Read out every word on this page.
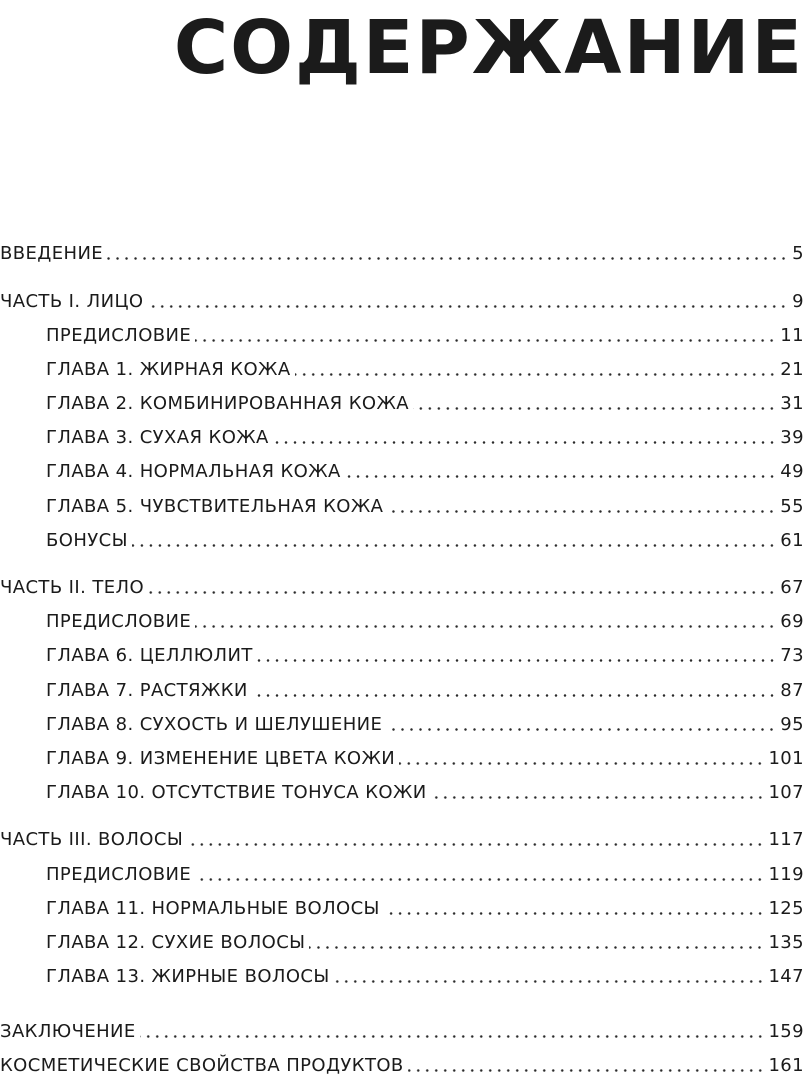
СОДЕРЖАНИЕ
ВВЕДЕНИЕ	5
ЧАСТЬ I. ЛИЦО	9
ПРЕДИСЛОВИЕ	11
ГЛАВА 1. ЖИРНАЯ КОЖА	21
ГЛАВА 2. КОМБИНИРОВАННАЯ КОЖА	31
ГЛАВА 3. СУХАЯ КОЖА	39
ГЛАВА 4. НОРМАЛЬНАЯ КОЖА	49
ГЛАВА 5. ЧУВСТВИТЕЛЬНАЯ КОЖА	55
БОНУСЫ	61
ЧАСТЬ II. ТЕЛО	67
ПРЕДИСЛОВИЕ	69
ГЛАВА 6. ЦЕЛЛЮЛИТ	73
ГЛАВА 7. РАСТЯЖКИ	87
ГЛАВА 8. СУХОСТЬ И ШЕЛУШЕНИЕ	95
ГЛАВА 9. ИЗМЕНЕНИЕ ЦВЕТА КОЖИ	101
ГЛАВА 10. ОТСУТСТВИЕ ТОНУСА КОЖИ	107
ЧАСТЬ III. ВОЛОСЫ	117
ПРЕДИСЛОВИЕ	119
ГЛАВА 11. НОРМАЛЬНЫЕ ВОЛОСЫ	125
ГЛАВА 12. СУХИЕ ВОЛОСЫ	135
ГЛАВА 13. ЖИРНЫЕ ВОЛОСЫ	147
ЗАКЛЮЧЕНИЕ	159
КОСМЕТИЧЕСКИЕ СВОЙСТВА ПРОДУКТОВ	161
